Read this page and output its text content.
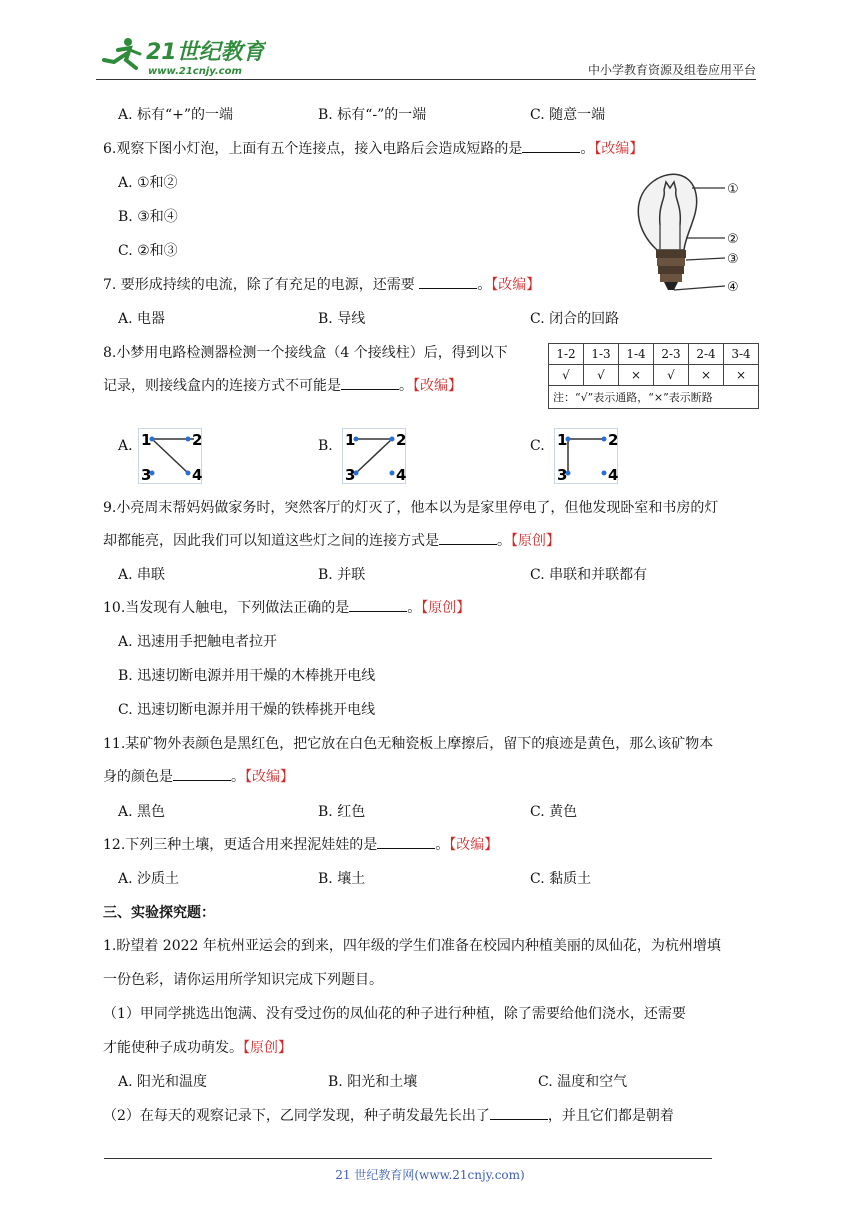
21世纪教育
www.21cnjy.com	中小学教育资源及组卷应用平台
A. 标有“+”的一端	B. 标有“-”的一端	C. 随意一端
6.观察下图小灯泡，上面有五个连接点，接入电路后会造成短路的是	。【改编】
A. ①和②
B. ③和④
C. ②和③
①
②
③
④
7. 要形成持续的电流，除了有充足的电源，还需要	。【改编】
A. 电器	B. 导线	C. 闭合的回路
8.小梦用电路检测器检测一个接线盒（4 个接线柱）后，得到以下
记录，则接线盒内的连接方式不可能是	。【改编】
1-2	1-3	1-4	2-3	2-4	3-4
√	√	×	√	×	×
注：“√”表示通路，“×”表示断路					
A. 1	2
3	4
B. 1	2
3	4
C. 1	2
3	4
9.小亮周末帮妈妈做家务时，突然客厅的灯灭了，他本以为是家里停电了，但他发现卧室和书房的灯
却都能亮，因此我们可以知道这些灯之间的连接方式是	。【原创】
A. 串联	B. 并联	C. 串联和并联都有
10.当发现有人触电，下列做法正确的是	。【原创】
A. 迅速用手把触电者拉开
B. 迅速切断电源并用干燥的木棒挑开电线
C. 迅速切断电源并用干燥的铁棒挑开电线
11.某矿物外表颜色是黑红色，把它放在白色无釉瓷板上摩擦后，留下的痕迹是黄色，那么该矿物本
身的颜色是	。【改编】
A. 黑色	B. 红色	C. 黄色
12.下列三种土壤，更适合用来捏泥娃娃的是	。【改编】
A. 沙质土	B. 壤土	C. 黏质土
三、实验探究题：
1.盼望着 2022 年杭州亚运会的到来，四年级的学生们准备在校园内种植美丽的凤仙花，为杭州增填
一份色彩，请你运用所学知识完成下列题目。
（1）甲同学挑选出饱满、没有受过伤的凤仙花的种子进行种植，除了需要给他们浇水，还需要
才能使种子成功萌发。【原创】
A. 阳光和温度	B. 阳光和土壤	C. 温度和空气
（2）在每天的观察记录下，乙同学发现，种子萌发最先长出了	，并且它们都是朝着
21 世纪教育网(www.21cnjy.com)
